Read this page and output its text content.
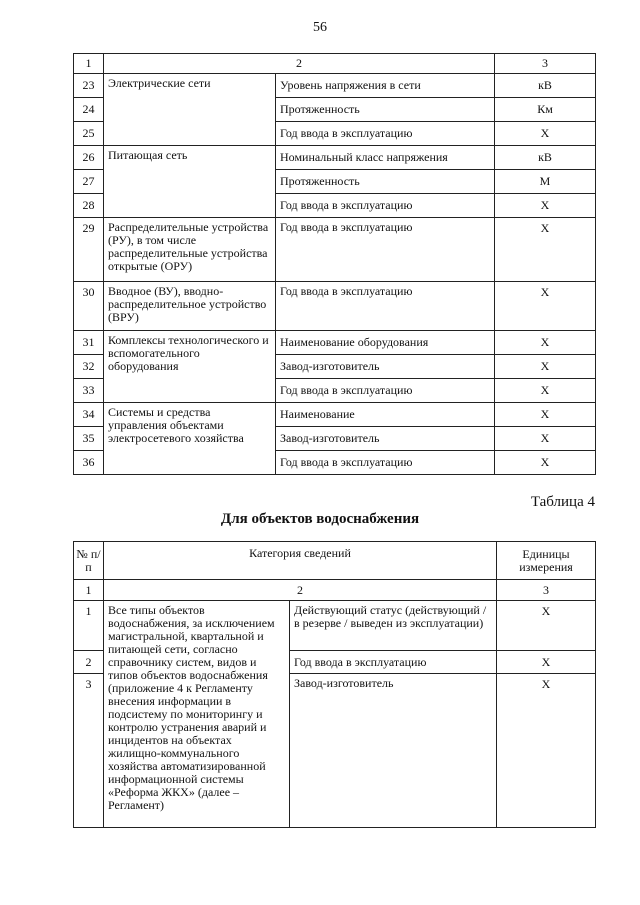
56
1	2		3
23	Электрические сети	Уровень напряжения в сети	кВ
24		Протяженность	Км
25		Год ввода в эксплуатацию	X
26	Питающая сеть	Номинальный класс напряжения	кВ
27		Протяженность	М
28		Год ввода в эксплуатацию	X
29	Распределительные устройства (РУ), в том числе распределительные устройства открытые (ОРУ)	Год ввода в эксплуатацию	X
30	Вводное (ВУ), вводно-распределительное устройство (ВРУ)	Год ввода в эксплуатацию	X
31	Комплексы технологического и вспомогательного оборудования	Наименование оборудования	X
32		Завод-изготовитель	X
33		Год ввода в эксплуатацию	X
34	Системы и средства управления объектами электросетевого хозяйства	Наименование	X
35		Завод-изготовитель	X
36		Год ввода в эксплуатацию	X
Таблица 4
Для объектов водоснабжения
№ п/п	Категория сведений		Единицы измерения
1	2		3
1	Все типы объектов водоснабжения, за исключением магистральной, квартальной и питающей сети, согласно справочнику систем, видов и типов объектов водоснабжения (приложение 4 к Регламенту внесения информации в подсистему по мониторингу и контролю устранения аварий и инцидентов на объектах жилищно-коммунального хозяйства автоматизированной информационной системы «Реформа ЖКХ» (далее – Регламент)	Действующий статус (действующий / в резерве / выведен из эксплуатации)	X
2		Год ввода в эксплуатацию	X
3		Завод-изготовитель	X
